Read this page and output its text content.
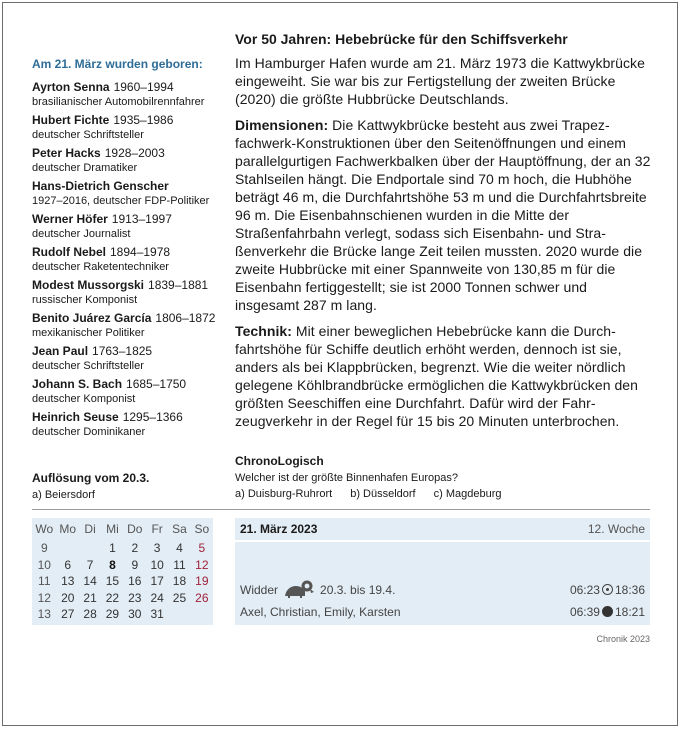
Am 21. März wurden geboren:
Ayrton Senna 1960–1994
brasilianischer Automobilrennfahrer
Hubert Fichte 1935–1986
deutscher Schriftsteller
Peter Hacks 1928–2003
deutscher Dramatiker
Hans-Dietrich Genscher
1927–2016, deutscher FDP-Politiker
Werner Höfer 1913–1997
deutscher Journalist
Rudolf Nebel 1894–1978
deutscher Raketentechniker
Modest Mussorgski 1839–1881
russischer Komponist
Benito Juárez García 1806–1872
mexikanischer Politiker
Jean Paul 1763–1825
deutscher Schriftsteller
Johann S. Bach 1685–1750
deutscher Komponist
Heinrich Seuse 1295–1366
deutscher Dominikaner
Vor 50 Jahren: Hebebrücke für den Schiffsverkehr

Im Hamburger Hafen wurde am 21. März 1973 die Kattwykbrücke eingeweiht. Sie war bis zur Fertigstellung der zweiten Brücke (2020) die größte Hubbrücke Deutschlands.

Dimensionen: Die Kattwykbrücke besteht aus zwei Trapezfachwerk-Konstruktionen über den Seitenöffnungen und einem parallelgurtigen Fachwerkbalken über der Hauptöffnung, der an 32 Stahlseilen hängt. Die Endportale sind 70 m hoch, die Hubhöhe beträgt 46 m, die Durchfahrtshöhe 53 m und die Durchfahrtsbreite 96 m. Die Eisenbahnschienen wurden in die Mitte der Straßenfahrbahn verlegt, sodass sich Eisenbahn- und Straßenverkehr die Brücke lange Zeit teilen mussten. 2020 wurde die zweite Hubbrücke mit einer Spannweite von 130,85 m für die Eisenbahn fertiggestellt; sie ist 2000 Tonnen schwer und insgesamt 287 m lang.

Technik: Mit einer beweglichen Hebebrücke kann die Durchfahrtshöhe für Schiffe deutlich erhöht werden, dennoch ist sie, anders als bei Klappbrücken, begrenzt. Wie die weiter nördlich gelegene Köhlbrandbrücke ermöglichen die Kattwykbrücken den größten Seeschiffen eine Durchfahrt. Dafür wird der Fahrzeugverkehr in der Regel für 15 bis 20 Minuten unterbrochen.

Auflösung vom 20.3.
a) Beiersdorf
ChronoLogisch
Welcher ist der größte Binnenhafen Europas?
a) Duisburg-Ruhrort b) Düsseldorf c) Magdeburg
Wo	Mo	Di	Mi	Do	Fr	Sa	So
9			1	2	3	4	5
10	6	7	8	9	10	11	12
11	13	14	15	16	17	18	19
12	20	21	22	23	24	25	26
13	27	28	29	30	31		
21. März 2023	12. Woche
Widder	20.3. bis 19.4.	06:23 18:36
Axel, Christian, Emily, Karsten	06:39 18:21
Chronik 2023
